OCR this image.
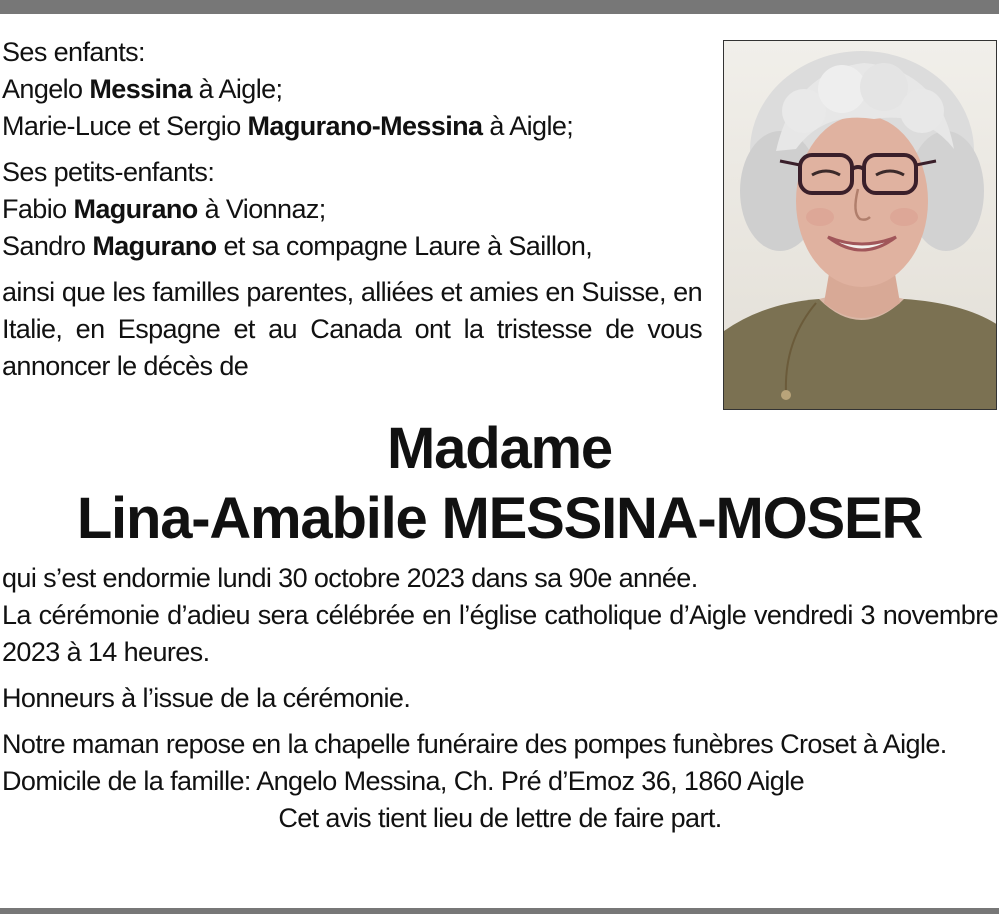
Ses enfants:

Angelo Messina à Aigle;

Marie-Luce et Sergio Magurano-Messina à Aigle;

Ses petits-enfants:

Fabio Magurano à Vionnaz;

Sandro Magurano et sa compagne Laure à Saillon,

ainsi que les familles parentes, alliées et amies en Suisse, en Italie, en Espagne et au Canada ont la tristesse de vous annoncer le décès de

Madame
Lina-Amabile MESSINA-MOSER

qui s’est endormie lundi 30 octobre 2023 dans sa 90e année.

La cérémonie d’adieu sera célébrée en l’église catholique d’Aigle vendredi 3 novembre 2023 à 14 heures.

Honneurs à l’issue de la cérémonie.

Notre maman repose en la chapelle funéraire des pompes funèbres Croset à Aigle.

Domicile de la famille: Angelo Messina, Ch. Pré d’Emoz 36, 1860 Aigle

Cet avis tient lieu de lettre de faire part.
